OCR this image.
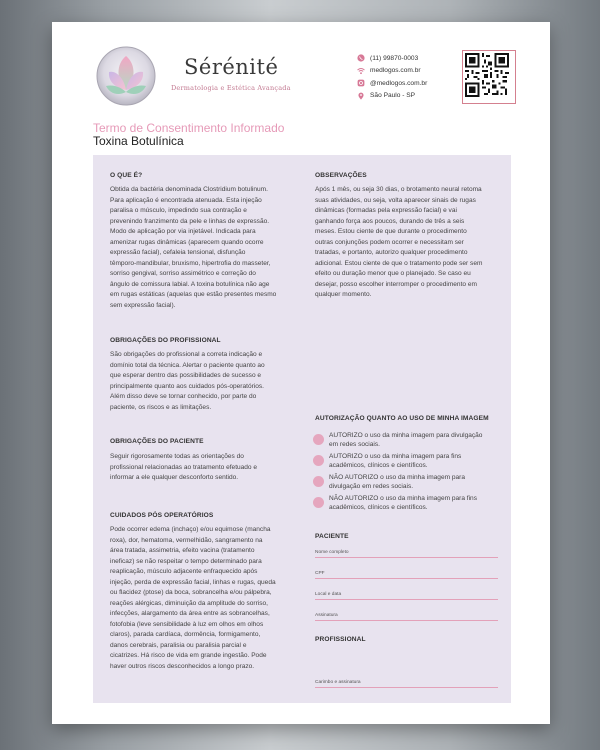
Sérénité
Dermatologia e Estética Avançada
(11) 99870-0003
medlogos.com.br
@medlogos.com.br
São Paulo - SP
Termo de Consentimento Informado
Toxina Botulínica
O QUE É?
Obtida da bactéria denominada Clostridium botulinum.
Para aplicação é encontrada atenuada. Esta injeção
paralisa o músculo, impedindo sua contração e
prevenindo franzimento da pele e linhas de expressão.
Modo de aplicação por via injetável. Indicada para
amenizar rugas dinâmicas (aparecem quando ocorre
expressão facial), cefaleia tensional, disfunção
têmporo-mandibular, bruxismo, hipertrofia do masseter,
sorriso gengival, sorriso assimétrico e correção do
ângulo de comissura labial. A toxina botulínica não age
em rugas estáticas (aquelas que estão presentes mesmo
sem expressão facial).
OBRIGAÇÕES DO PROFISSIONAL
São obrigações do profissional a correta indicação e
domínio total da técnica. Alertar o paciente quanto ao
que esperar dentro das possibilidades de sucesso e
principalmente quanto aos cuidados pós-operatórios.
Além disso deve se tornar conhecido, por parte do
paciente, os riscos e as limitações.
OBRIGAÇÕES DO PACIENTE
Seguir rigorosamente todas as orientações do
profissional relacionadas ao tratamento efetuado e
informar a ele qualquer desconforto sentido.
CUIDADOS PÓS OPERATÓRIOS
Pode ocorrer edema (inchaço) e/ou equimose (mancha
roxa), dor, hematoma, vermelhidão, sangramento na
área tratada, assimetria, efeito vacina (tratamento
ineficaz) se não respeitar o tempo determinado para
reaplicação, músculo adjacente enfraquecido após
injeção, perda de expressão facial, linhas e rugas, queda
ou flacidez (ptose) da boca, sobrancelha e/ou pálpebra,
reações alérgicas, diminuição da amplitude do sorriso,
infecções, alargamento da área entre as sobrancelhas,
fotofobia (leve sensibilidade à luz em olhos em olhos
claros), parada cardíaca, dormência, formigamento,
danos cerebrais, paralisia ou paralisia parcial e
cicatrizes. Há risco de vida em grande ingestão. Pode
haver outros riscos desconhecidos a longo prazo.
OBSERVAÇÕES
Após 1 mês, ou seja 30 dias, o brotamento neural retoma
suas atividades, ou seja, volta aparecer sinais de rugas
dinâmicas (formadas pela expressão facial) e vai
ganhando força aos poucos, durando de três a seis
meses. Estou ciente de que durante o procedimento
outras conjunções podem ocorrer e necessitam ser
tratadas, e portanto, autorizo qualquer procedimento
adicional. Estou ciente de que o tratamento pode ser sem
efeito ou duração menor que o planejado. Se caso eu
desejar, posso escolher interromper o procedimento em
qualquer momento.
AUTORIZAÇÃO QUANTO AO USO DE MINHA IMAGEM
AUTORIZO o uso da minha imagem para divulgação
em redes sociais.
AUTORIZO o uso da minha imagem para fins
acadêmicos, clínicos e científicos.
NÃO AUTORIZO o uso da minha imagem para
divulgação em redes sociais.
NÃO AUTORIZO o uso da minha imagem para fins
acadêmicos, clínicos e científicos.
PACIENTE
Nome completo
CPF
Local e data
Assinatura
PROFISSIONAL
Carimbo e assinatura
